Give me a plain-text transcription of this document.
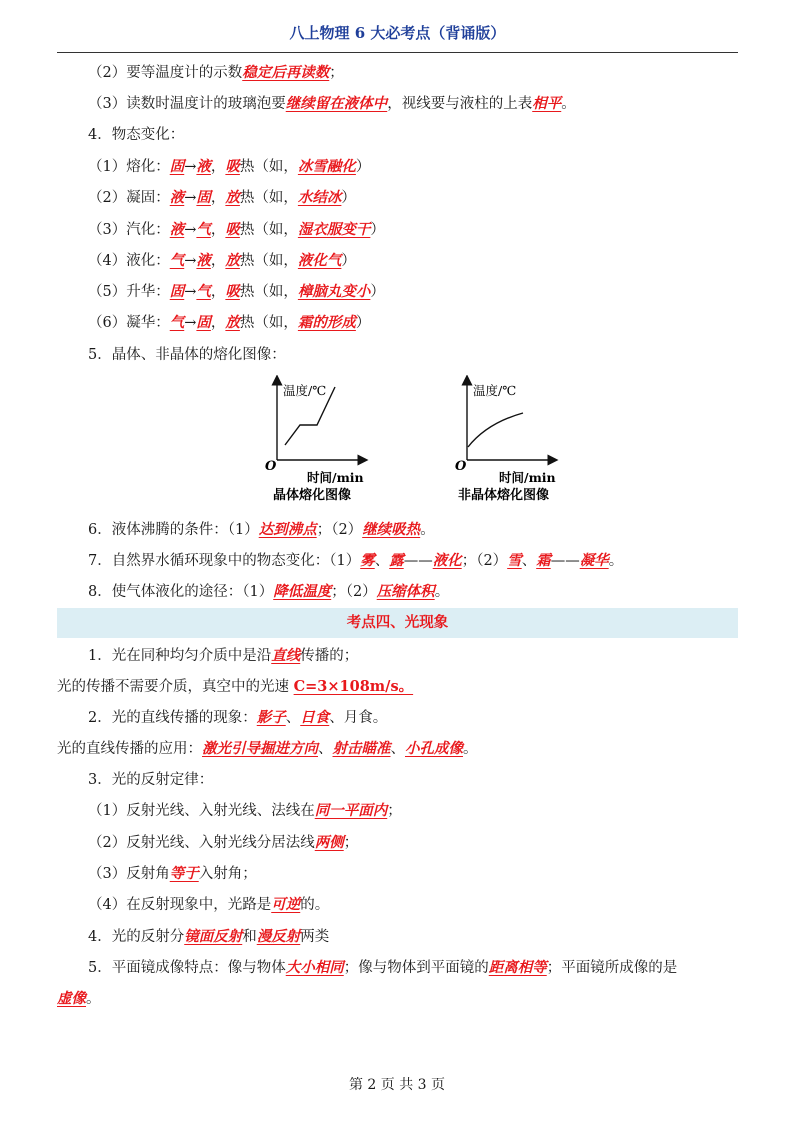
八上物理 6 大必考点（背诵版）
（2）要等温度计的示数稳定后再读数；
（3）读数时温度计的玻璃泡要继续留在液体中，视线要与液柱的上表相平。
4．物态变化：
（1）熔化：固→液，吸热（如，冰雪融化）
（2）凝固：液→固，放热（如，水结冰）
（3）汽化：液→气，吸热（如，湿衣服变干）
（4）液化：气→液，放热（如，液化气）
（5）升华：固→气，吸热（如，樟脑丸变小）
（6）凝华：气→固，放热（如，霜的形成）
5．晶体、非晶体的熔化图像：
温度/℃
O
时间/min
晶体熔化图像
温度/℃
O
时间/min
非晶体熔化图像
6．液体沸腾的条件：（1）达到沸点；（2）继续吸热。
7．自然界水循环现象中的物态变化：（1）雾、露——液化；（2）雪、霜——凝华。
8．使气体液化的途径：（1）降低温度；（2）压缩体积。
考点四、光现象
1．光在同种均匀介质中是沿直线传播的；
光的传播不需要介质，真空中的光速 C=3×108m/s。
2．光的直线传播的现象：影子、日食、月食。
光的直线传播的应用：激光引导掘进方向、射击瞄准、小孔成像。
3．光的反射定律：
（1）反射光线、入射光线、法线在同一平面内；
（2）反射光线、入射光线分居法线两侧；
（3）反射角等于入射角；
（4）在反射现象中，光路是可逆的。
4．光的反射分镜面反射和漫反射两类
5．平面镜成像特点：像与物体大小相同；像与物体到平面镜的距离相等；平面镜所成像的是
虚像。
第 2 页 共 3 页
